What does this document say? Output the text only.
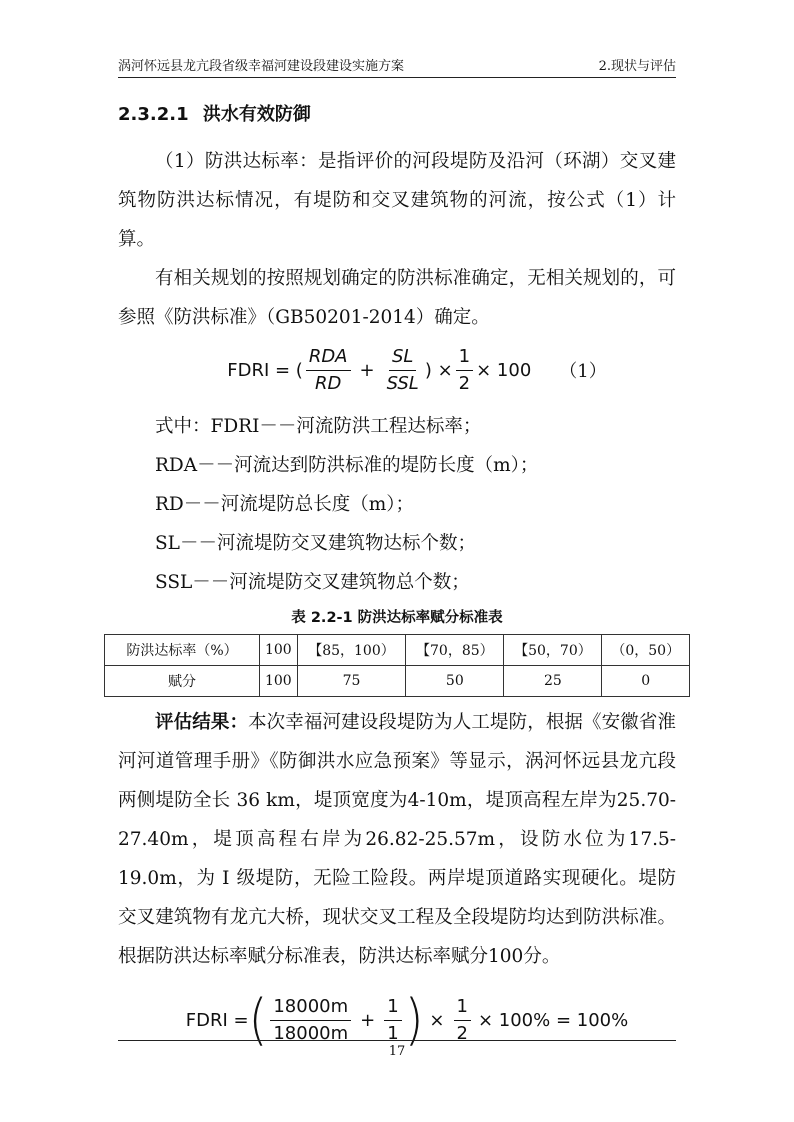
涡河怀远县龙亢段省级幸福河建设段建设实施方案	2.现状与评估
2.3.2.1 洪水有效防御

（1）防洪达标率：是指评价的河段堤防及沿河（环湖）交叉建筑物防洪达标情况，有堤防和交叉建筑物的河流，按公式（1）计算。

有相关规划的按照规划确定的防洪标准确定，无相关规划的，可参照《防洪标准》（GB50201-2014）确定。

FDRI = ( $\frac{\text{RDA}}{RD} + \frac{SL}{\text{SSL}}$ ) × $\frac{1}{2} \times 100$ （1）

式中：FDRI－－河流防洪工程达标率；

RDA－－河流达到防洪标准的堤防长度（m）；

RD－－河流堤防总长度（m）；

SL－－河流堤防交叉建筑物达标个数；

SSL－－河流堤防交叉建筑物总个数；

表 2.2-1 防洪达标率赋分标准表
防洪达标率（%）	100	【85，100）	【70，85）	【50，70）	（0，50）
赋分	100	75	50	25	0

评估结果：本次幸福河建设段堤防为人工堤防，根据《安徽省淮河河道管理手册》《防御洪水应急预案》等显示，涡河怀远县龙亢段两侧堤防全长 36 km，堤顶宽度为4-10m，堤顶高程左岸为25.70-27.40m，堤顶高程右岸为26.82-25.57m，设防水位为17.5-19.0m，为 Ⅰ 级堤防，无险工险段。两岸堤顶道路实现硬化。堤防交叉建筑物有龙亢大桥，现状交叉工程及全段堤防均达到防洪标准。根据防洪达标率赋分标准表，防洪达标率赋分100分。

FDRI = ( $\frac{18000m}{18000m} + \frac{1}{1}$ ) × $\frac{1}{2} \times 100\% = 100\%$
17
